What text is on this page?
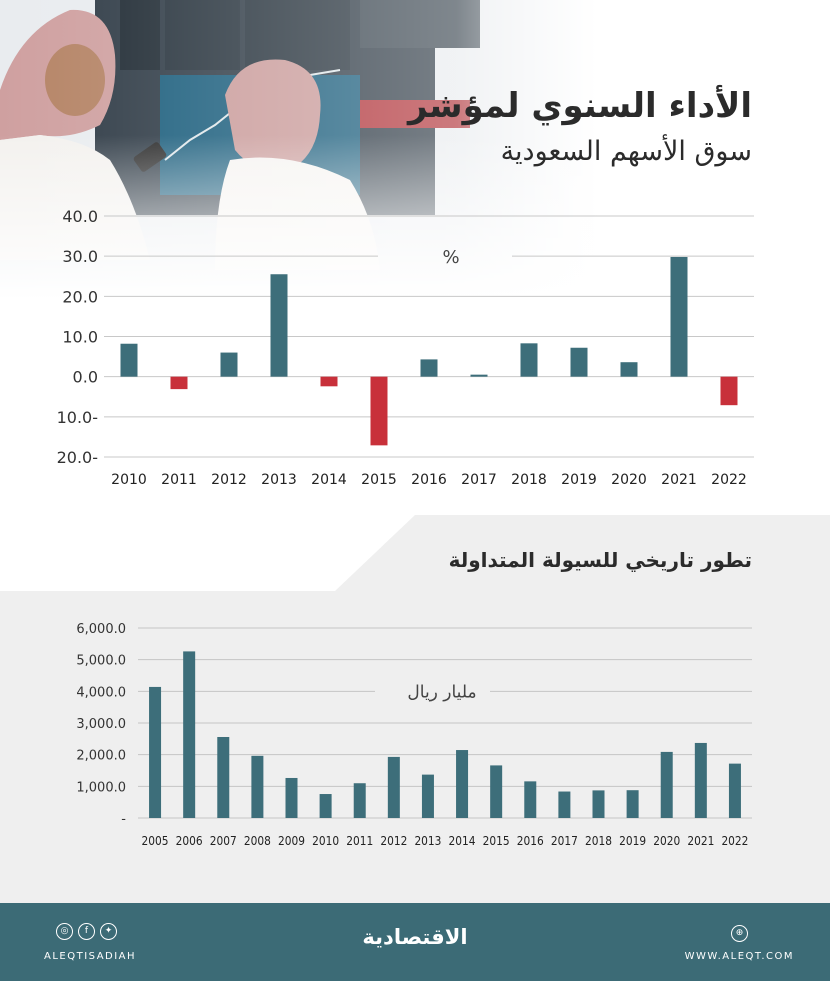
الأداء السنوي لمؤشر
سوق الأسهم السعودية
40.0
30.0
20.0
10.0
0.0
10.0-
20.0-
%
2010 2011 2012 2013 2014 2015 2016 2017 2018 2019 2020 2021 2022
تطور تاريخي للسيولة المتداولة
6,000.0
5,000.0
4,000.0
3,000.0
2,000.0
1,000.0
-
مليار ريال
2005 2006 2007 2008 2009 2010 2011 2012 2013 2014 2015 2016 2017 2018 2019 2020 2021 2022
◎	f	✦
ALEQTISADIAH
الاقتصادية	⊕
WWW.ALEQT.COM
